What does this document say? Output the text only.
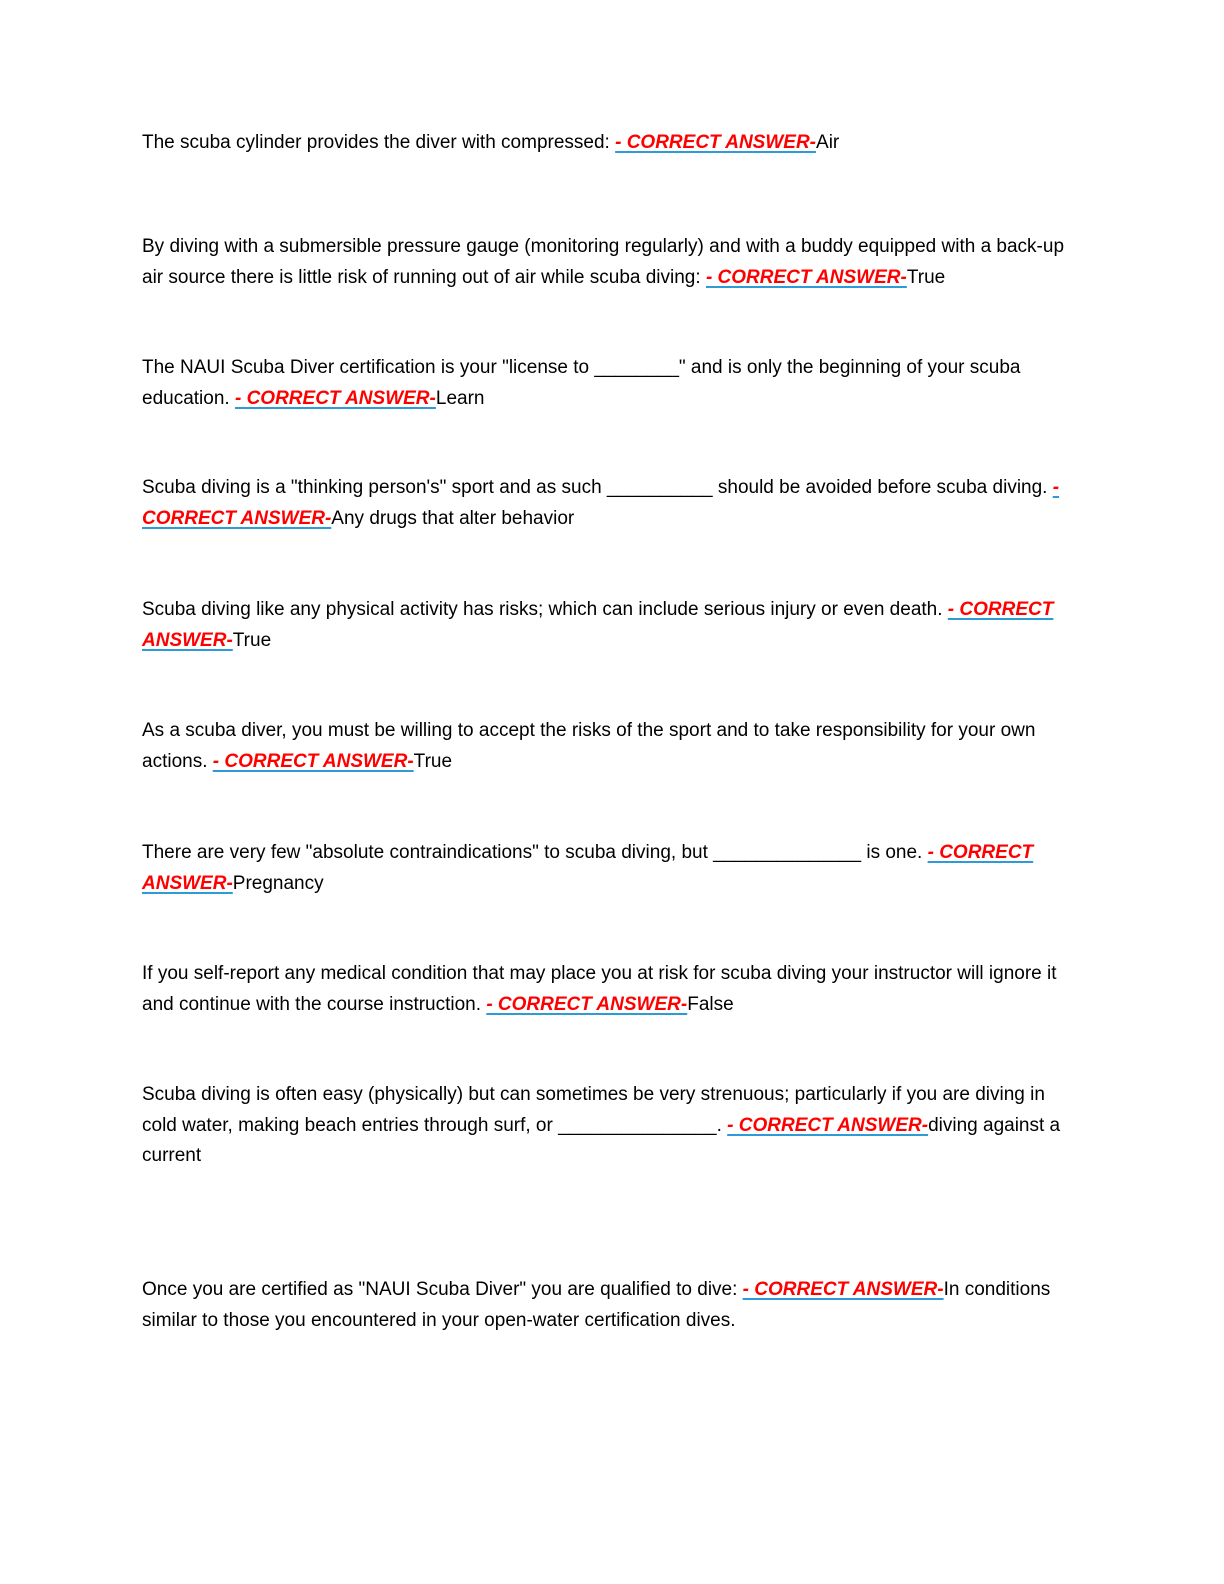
The scuba cylinder provides the diver with compressed: - CORRECT ANSWER-Air

By diving with a submersible pressure gauge (monitoring regularly) and with a buddy equipped with a back-up air source there is little risk of running out of air while scuba diving: - CORRECT ANSWER-True

The NAUI Scuba Diver certification is your "license to ________" and is only the beginning of your scuba education. - CORRECT ANSWER-Learn

Scuba diving is a "thinking person's" sport and as such __________ should be avoided before scuba diving. - CORRECT ANSWER-Any drugs that alter behavior

Scuba diving like any physical activity has risks; which can include serious injury or even death. - CORRECT ANSWER-True

As a scuba diver, you must be willing to accept the risks of the sport and to take responsibility for your own actions. - CORRECT ANSWER-True

There are very few "absolute contraindications" to scuba diving, but ______________ is one. - CORRECT ANSWER-Pregnancy

If you self-report any medical condition that may place you at risk for scuba diving your instructor will ignore it and continue with the course instruction. - CORRECT ANSWER-False

Scuba diving is often easy (physically) but can sometimes be very strenuous; particularly if you are diving in cold water, making beach entries through surf, or _______________. - CORRECT ANSWER-diving against a current

Once you are certified as "NAUI Scuba Diver" you are qualified to dive: - CORRECT ANSWER-In conditions similar to those you encountered in your open-water certification dives.
